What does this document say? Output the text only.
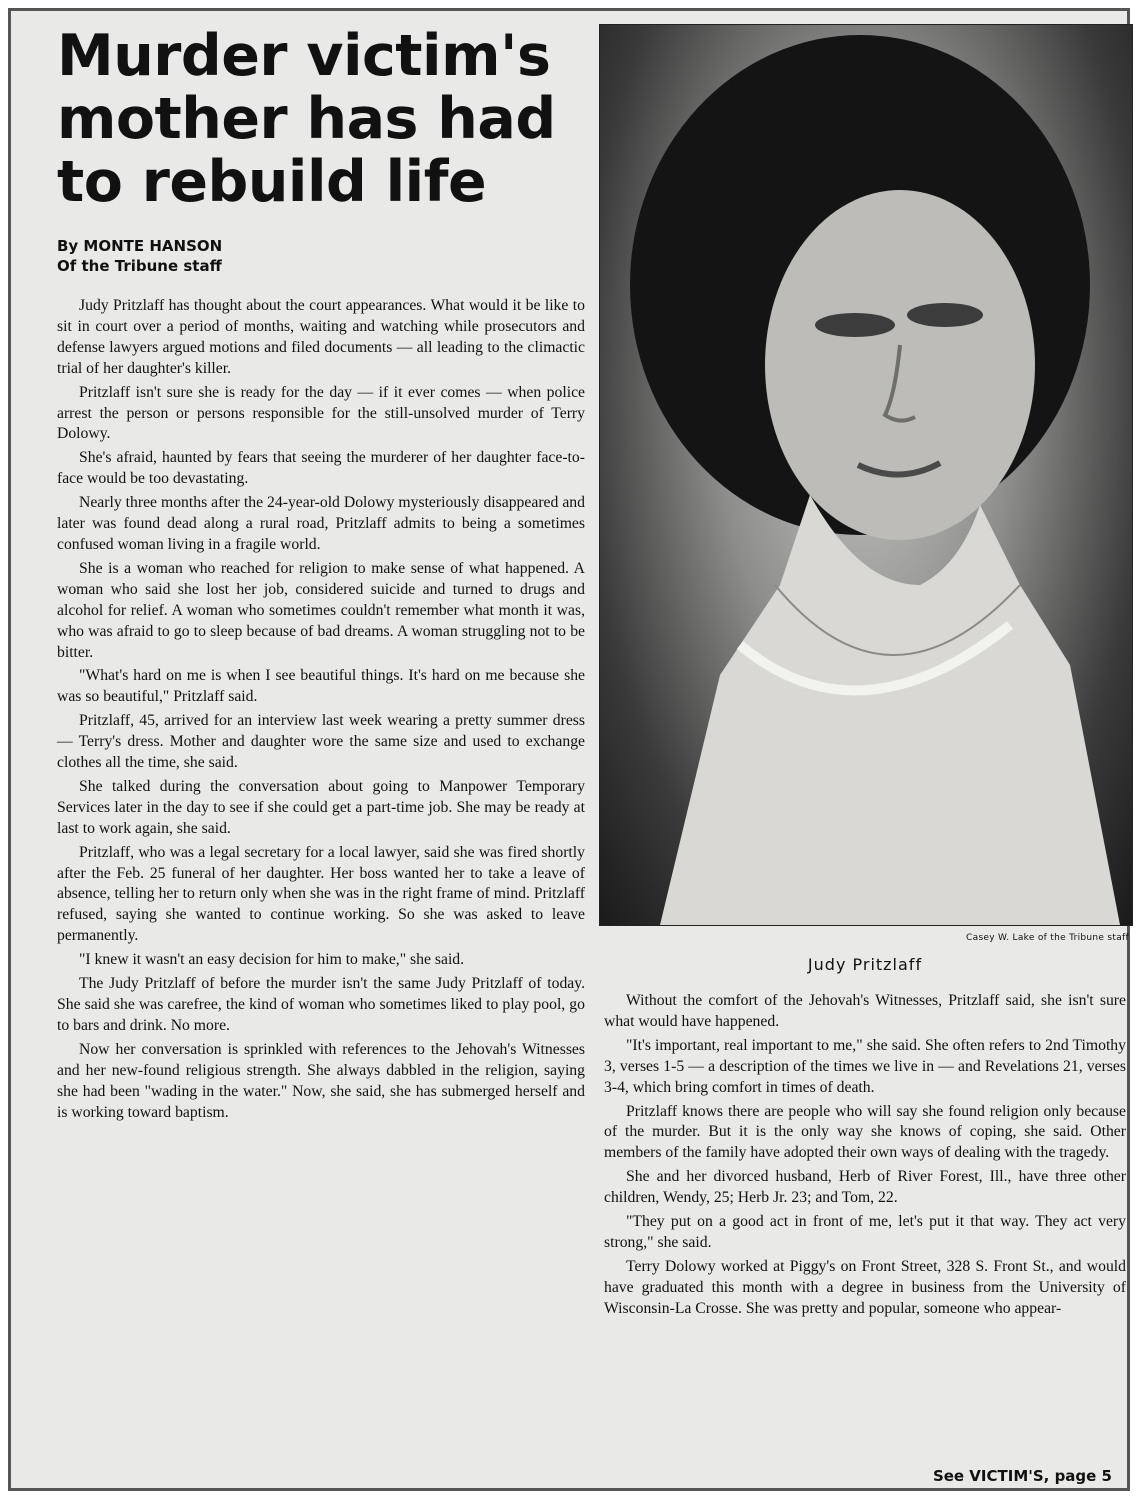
Murder victim's mother has had to rebuild life
By MONTE HANSON
Of the Tribune staff

Judy Pritzlaff has thought about the court appearances. What would it be like to sit in court over a period of months, waiting and watching while prosecutors and defense lawyers argued motions and filed documents — all leading to the climactic trial of her daughter's killer.

Pritzlaff isn't sure she is ready for the day — if it ever comes — when police arrest the person or persons responsible for the still-unsolved murder of Terry Dolowy.

She's afraid, haunted by fears that seeing the murderer of her daughter face-to-face would be too devastating.

Nearly three months after the 24-year-old Dolowy mysteriously disappeared and later was found dead along a rural road, Pritzlaff admits to being a sometimes confused woman living in a fragile world.

She is a woman who reached for religion to make sense of what happened. A woman who said she lost her job, considered suicide and turned to drugs and alcohol for relief. A woman who sometimes couldn't remember what month it was, who was afraid to go to sleep because of bad dreams. A woman struggling not to be bitter.

"What's hard on me is when I see beautiful things. It's hard on me because she was so beautiful," Pritzlaff said.

Pritzlaff, 45, arrived for an interview last week wearing a pretty summer dress — Terry's dress. Mother and daughter wore the same size and used to exchange clothes all the time, she said.

She talked during the conversation about going to Manpower Temporary Services later in the day to see if she could get a part-time job. She may be ready at last to work again, she said.

Pritzlaff, who was a legal secretary for a local lawyer, said she was fired shortly after the Feb. 25 funeral of her daughter. Her boss wanted her to take a leave of absence, telling her to return only when she was in the right frame of mind. Pritzlaff refused, saying she wanted to continue working. So she was asked to leave permanently.

"I knew it wasn't an easy decision for him to make," she said.

The Judy Pritzlaff of before the murder isn't the same Judy Pritzlaff of today. She said she was carefree, the kind of woman who sometimes liked to play pool, go to bars and drink. No more.

Now her conversation is sprinkled with references to the Jehovah's Witnesses and her new-found religious strength. She always dabbled in the religion, saying she had been "wading in the water." Now, she said, she has submerged herself and is working toward baptism.

Casey W. Lake of the Tribune staff
Judy Pritzlaff

Without the comfort of the Jehovah's Witnesses, Pritzlaff said, she isn't sure what would have happened.

"It's important, real important to me," she said. She often refers to 2nd Timothy 3, verses 1-5 — a description of the times we live in — and Revelations 21, verses 3-4, which bring comfort in times of death.

Pritzlaff knows there are people who will say she found religion only because of the murder. But it is the only way she knows of coping, she said. Other members of the family have adopted their own ways of dealing with the tragedy.

She and her divorced husband, Herb of River Forest, Ill., have three other children, Wendy, 25; Herb Jr. 23; and Tom, 22.

"They put on a good act in front of me, let's put it that way. They act very strong," she said.

Terry Dolowy worked at Piggy's on Front Street, 328 S. Front St., and would have graduated this month with a degree in business from the University of Wisconsin-La Crosse. She was pretty and popular, someone who appear-

See VICTIM'S, page 5
